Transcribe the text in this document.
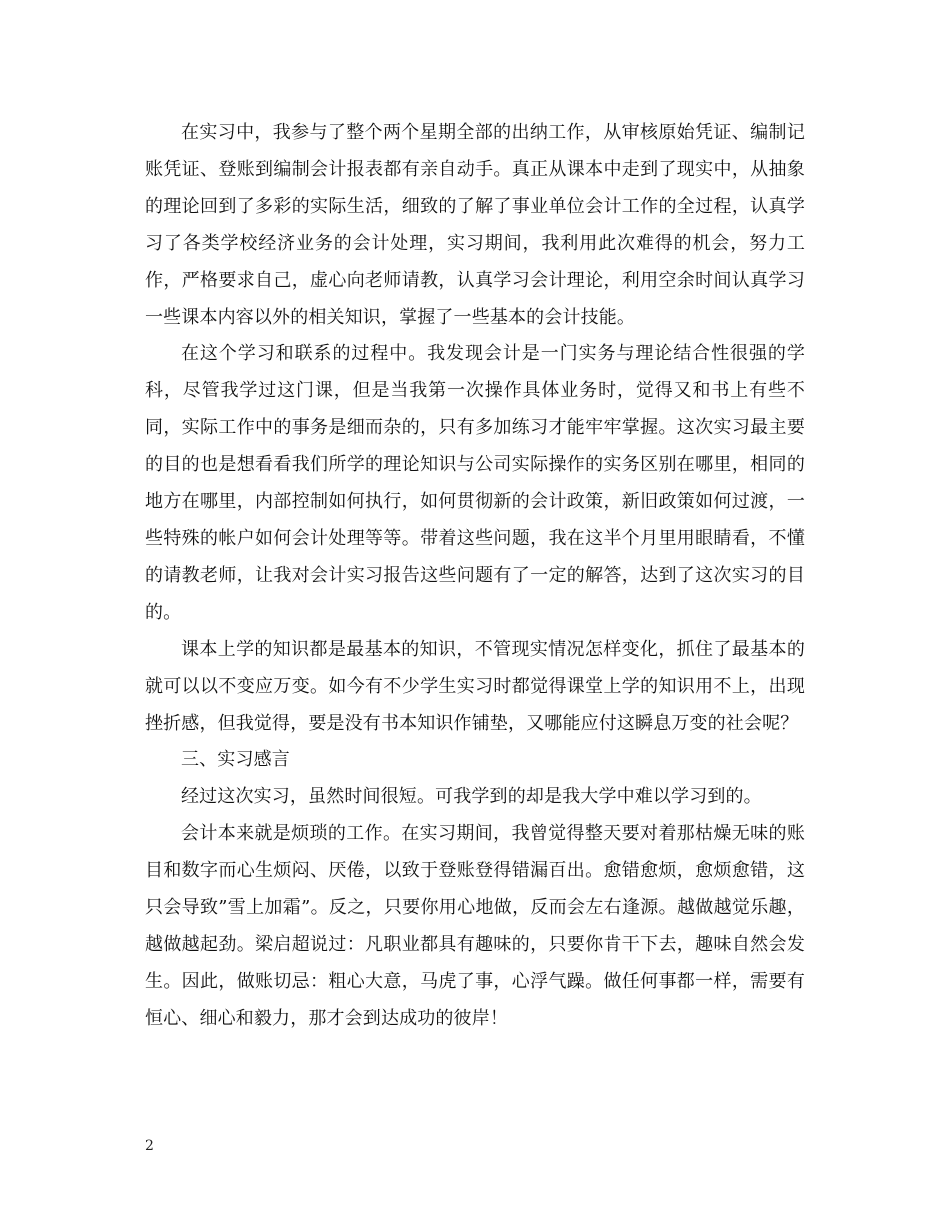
在实习中，我参与了整个两个星期全部的出纳工作，从审核原始凭证、编制记账凭证、登账到编制会计报表都有亲自动手。真正从课本中走到了现实中，从抽象的理论回到了多彩的实际生活，细致的了解了事业单位会计工作的全过程，认真学习了各类学校经济业务的会计处理，实习期间，我利用此次难得的机会，努力工作，严格要求自己，虚心向老师请教，认真学习会计理论，利用空余时间认真学习一些课本内容以外的相关知识，掌握了一些基本的会计技能。

在这个学习和联系的过程中。我发现会计是一门实务与理论结合性很强的学科，尽管我学过这门课，但是当我第一次操作具体业务时，觉得又和书上有些不同，实际工作中的事务是细而杂的，只有多加练习才能牢牢掌握。这次实习最主要的目的也是想看看我们所学的理论知识与公司实际操作的实务区别在哪里，相同的地方在哪里，内部控制如何执行，如何贯彻新的会计政策，新旧政策如何过渡，一些特殊的帐户如何会计处理等等。带着这些问题，我在这半个月里用眼睛看，不懂的请教老师，让我对会计实习报告这些问题有了一定的解答，达到了这次实习的目的。

课本上学的知识都是最基本的知识，不管现实情况怎样变化，抓住了最基本的就可以以不变应万变。如今有不少学生实习时都觉得课堂上学的知识用不上，出现挫折感，但我觉得，要是没有书本知识作铺垫，又哪能应付这瞬息万变的社会呢？

三、实习感言

经过这次实习，虽然时间很短。可我学到的却是我大学中难以学习到的。

会计本来就是烦琐的工作。在实习期间，我曾觉得整天要对着那枯燥无味的账目和数字而心生烦闷、厌倦，以致于登账登得错漏百出。愈错愈烦，愈烦愈错，这只会导致”雪上加霜”。反之，只要你用心地做，反而会左右逢源。越做越觉乐趣，越做越起劲。梁启超说过：凡职业都具有趣味的，只要你肯干下去，趣味自然会发生。因此，做账切忌：粗心大意，马虎了事，心浮气躁。做任何事都一样，需要有恒心、细心和毅力，那才会到达成功的彼岸！

2
